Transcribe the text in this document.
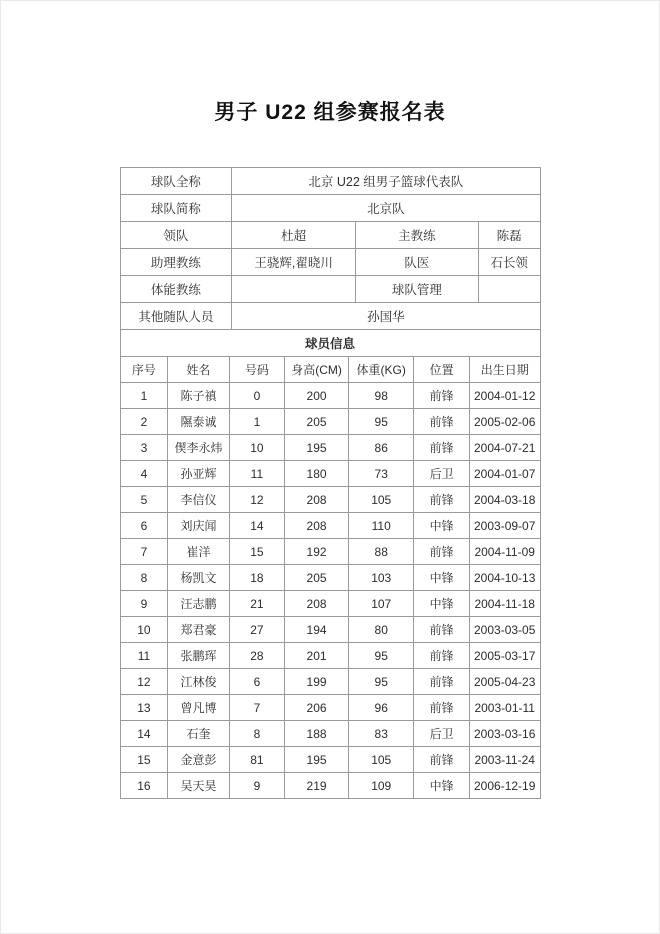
男子 U22 组参赛报名表
球队全称	北京 U22 组男子篮球代表队		
球队简称	北京队		
领队	杜超	主教练	陈磊
助理教练	王骁辉,翟晓川	队医	石长领
体能教练		球队管理	
其他随队人员	孙国华		
球员信息			
序号	姓名	号码	身高(CM)	体重(KG)	位置	出生日期
1	陈子禛	0	200	98	前锋	2004-01-12
2	隰泰诚	1	205	95	前锋	2005-02-06
3	偰李永炜	10	195	86	前锋	2004-07-21
4	孙亚辉	11	180	73	后卫	2004-01-07
5	李信仪	12	208	105	前锋	2004-03-18
6	刘庆闻	14	208	110	中锋	2003-09-07
7	崔洋	15	192	88	前锋	2004-11-09
8	杨凯文	18	205	103	中锋	2004-10-13
9	汪志鹏	21	208	107	中锋	2004-11-18
10	郑君豪	27	194	80	前锋	2003-03-05
11	张鹏珲	28	201	95	前锋	2005-03-17
12	江林俊	6	199	95	前锋	2005-04-23
13	曾凡博	7	206	96	前锋	2003-01-11
14	石奎	8	188	83	后卫	2003-03-16
15	金意彭	81	195	105	前锋	2003-11-24
16	吴天昊	9	219	109	中锋	2006-12-19
